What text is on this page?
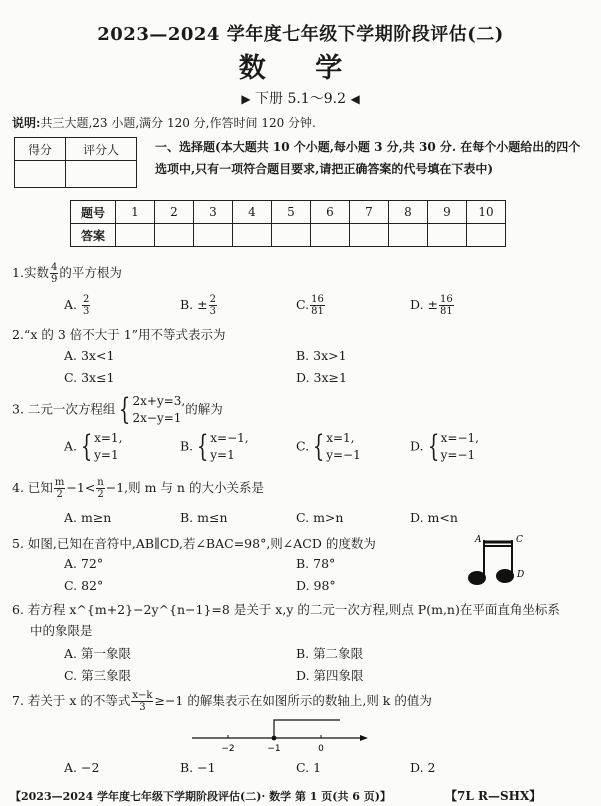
2023—2024 学年度七年级下学期阶段评估(二)
数 学
▶ 下册 5.1～9.2 ◀
说明:共三大题,23 小题,满分 120 分,作答时间 120 分钟.
得分	评分人
		一、选择题(本大题共 10 个小题,每小题 3 分,共 30 分. 在每个小题给出的四个选项中,只有一项符合题目要求,请把正确答案的代号填在下表中)
题号	1	2	3	4	5	6	7	8	9	10
答案										
1.实数 $\frac{4}{9}$ 的平方根为
A. $\frac{2}{3}$	B. ± $\frac{2}{3}$	C. $\frac{16}{81}$	D. ± $\frac{16}{81}$
2.“x 的 3 倍不大于 1”用不等式表示为
A. 3x<1	B. 3x>1
C. 3x≤1	D. 3x≥1
3. 二元一次方程组 { 2x+y=3,
2x−y=1
的解为
A. { x=1,
y=1
B. { x=−1,
y=1
C. { x=1,
y=−1
D. { x=−1,
y=−1
4. 已知 $\frac{m}{2} -1< \frac{n}{2} -1$,则 m 与 n 的大小关系是
A. m≥n	B. m≤n	C. m>n	D. m<n
5. 如图,已知在音符中,AB∥CD,若∠BAC=98°,则∠ACD 的度数为
A. 72°	B. 78°
C. 82°	D. 98°
A	C
B	D
6. 若方程 x^{m+2}−2y^{n−1}=8 是关于 x,y 的二元一次方程,则点 P(m,n)在平面直角坐标系
中的象限是
A. 第一象限	B. 第二象限
C. 第三象限	D. 第四象限
7. 若关于 x 的不等式 $\frac{x-k}{3} \ge-1$ 的解集表示在如图所示的数轴上,则 k 的值为
−2	−1	0
A. −2	B. −1	C. 1	D. 2
【2023—2024 学年度七年级下学期阶段评估(二)· 数学 第 1 页(共 6 页)】	【7L R—SHX】
